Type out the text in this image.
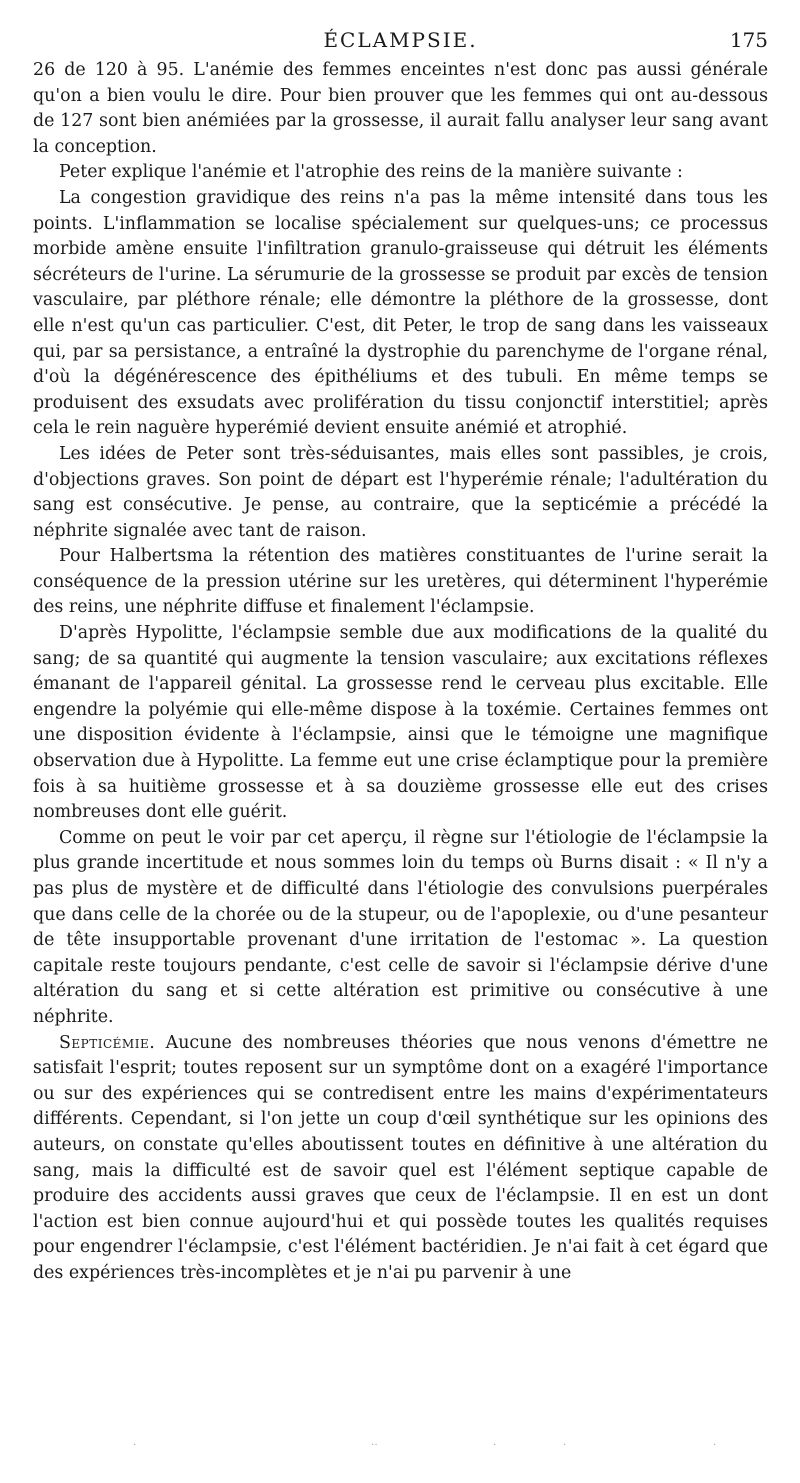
ÉCLAMPSIE.	175

26 de 120 à 95. L'anémie des femmes enceintes n'est donc pas aussi générale qu'on a bien voulu le dire. Pour bien prouver que les femmes qui ont au-dessous de 127 sont bien anémiées par la grossesse, il aurait fallu analyser leur sang avant la conception.

Peter explique l'anémie et l'atrophie des reins de la manière suivante :

La congestion gravidique des reins n'a pas la même intensité dans tous les points. L'inflammation se localise spécialement sur quelques-uns; ce processus morbide amène ensuite l'infiltration granulo-graisseuse qui détruit les éléments sécréteurs de l'urine. La sérumurie de la grossesse se produit par excès de tension vasculaire, par pléthore rénale; elle démontre la pléthore de la grossesse, dont elle n'est qu'un cas particulier. C'est, dit Peter, le trop de sang dans les vaisseaux qui, par sa persistance, a entraîné la dystrophie du parenchyme de l'organe rénal, d'où la dégénérescence des épithéliums et des tubuli. En même temps se produisent des exsudats avec prolifération du tissu conjonctif interstitiel; après cela le rein naguère hyperémié devient ensuite anémié et atrophié.

Les idées de Peter sont très-séduisantes, mais elles sont passibles, je crois, d'objections graves. Son point de départ est l'hyperémie rénale; l'adultération du sang est consécutive. Je pense, au contraire, que la septicémie a précédé la néphrite signalée avec tant de raison.

Pour Halbertsma la rétention des matières constituantes de l'urine serait la conséquence de la pression utérine sur les uretères, qui déterminent l'hyperémie des reins, une néphrite diffuse et finalement l'éclampsie.

D'après Hypolitte, l'éclampsie semble due aux modifications de la qualité du sang; de sa quantité qui augmente la tension vasculaire; aux excitations réflexes émanant de l'appareil génital. La grossesse rend le cerveau plus excitable. Elle engendre la polyémie qui elle-même dispose à la toxémie. Certaines femmes ont une disposition évidente à l'éclampsie, ainsi que le témoigne une magnifique observation due à Hypolitte. La femme eut une crise éclamptique pour la première fois à sa huitième grossesse et à sa douzième grossesse elle eut des crises nombreuses dont elle guérit.

Comme on peut le voir par cet aperçu, il règne sur l'étiologie de l'éclampsie la plus grande incertitude et nous sommes loin du temps où Burns disait : « Il n'y a pas plus de mystère et de difficulté dans l'étiologie des convulsions puerpérales que dans celle de la chorée ou de la stupeur, ou de l'apoplexie, ou d'une pesanteur de tête insupportable provenant d'une irritation de l'estomac ». La question capitale reste toujours pendante, c'est celle de savoir si l'éclampsie dérive d'une altération du sang et si cette altération est primitive ou consécutive à une néphrite.

Septicémie. Aucune des nombreuses théories que nous venons d'émettre ne satisfait l'esprit; toutes reposent sur un symptôme dont on a exagéré l'importance ou sur des expériences qui se contredisent entre les mains d'expérimentateurs différents. Cependant, si l'on jette un coup d'œil synthétique sur les opinions des auteurs, on constate qu'elles aboutissent toutes en définitive à une altération du sang, mais la difficulté est de savoir quel est l'élément septique capable de produire des accidents aussi graves que ceux de l'éclampsie. Il en est un dont l'action est bien connue aujourd'hui et qui possède toutes les qualités requises pour engendrer l'éclampsie, c'est l'élément bactéridien. Je n'ai fait à cet égard que des expériences très-incomplètes et je n'ai pu parvenir à une

·	··	·	·	·
